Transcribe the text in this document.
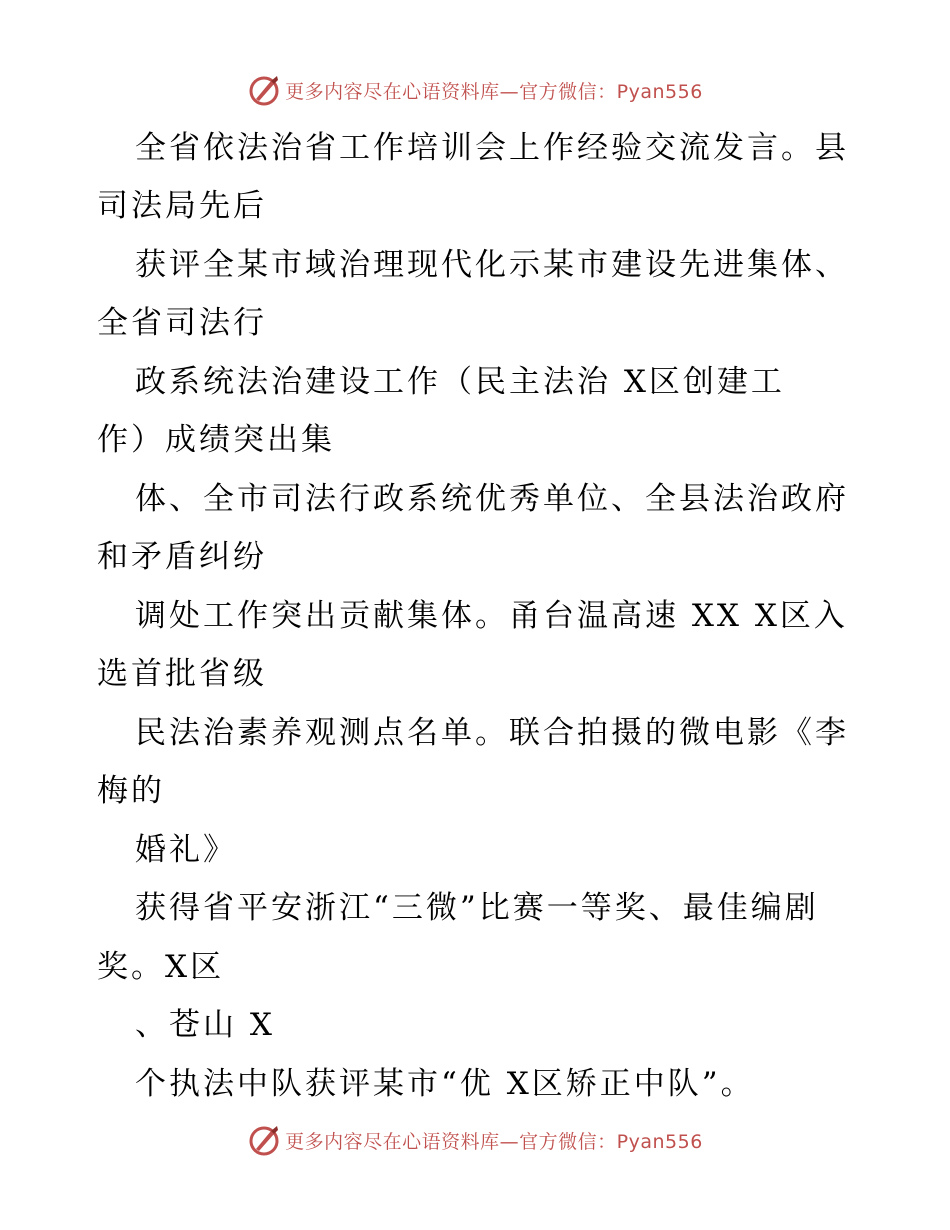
更多内容尽在心语资料库—官方微信：Pyan556
全省依法治省工作培训会上作经验交流发言。县
司法局先后
获评全某市域治理现代化示某市建设先进集体、
全省司法行
政系统法治建设工作（民主法治 X区创建工
作）成绩突出集
体、全市司法行政系统优秀单位、全县法治政府
和矛盾纠纷
调处工作突出贡献集体。甬台温高速 XX X区入
选首批省级
民法治素养观测点名单。联合拍摄的微电影《李
梅的
婚礼》
获得省平安浙江“三微”比赛一等奖、最佳编剧
奖。X区
、苍山 X
个执法中队获评某市“优 X区矫正中队”。
更多内容尽在心语资料库—官方微信：Pyan556
